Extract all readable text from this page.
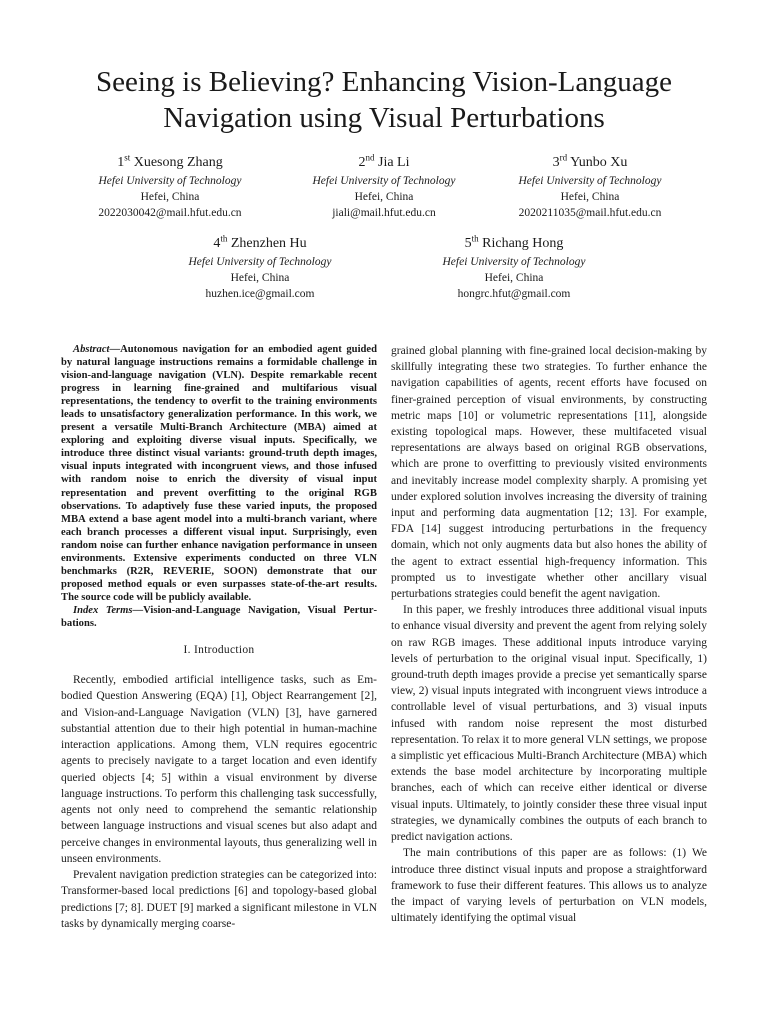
Seeing is Believing? Enhancing Vision-Language Navigation using Visual Perturbations
1st Xuesong Zhang
Hefei University of Technology
Hefei, China
2022030042@mail.hfut.edu.cn
2nd Jia Li
Hefei University of Technology
Hefei, China
jiali@mail.hfut.edu.cn
3rd Yunbo Xu
Hefei University of Technology
Hefei, China
2020211035@mail.hfut.edu.cn
4th Zhenzhen Hu
Hefei University of Technology
Hefei, China
huzhen.ice@gmail.com
5th Richang Hong
Hefei University of Technology
Hefei, China
hongrc.hfut@gmail.com

Abstract—Autonomous navigation for an embodied agent guided by natural language instructions remains a formidable challenge in vision-and-language navigation (VLN). Despite remarkable recent progress in learning fine-grained and multifarious visual representations, the tendency to overfit to the training environments leads to unsatisfactory generalization performance. In this work, we present a versatile Multi-Branch Architecture (MBA) aimed at exploring and exploiting diverse visual inputs. Specifically, we introduce three distinct visual variants: ground-truth depth images, visual inputs integrated with incongruent views, and those infused with random noise to enrich the diversity of visual input representation and prevent overfitting to the original RGB observations. To adaptively fuse these varied inputs, the proposed MBA extend a base agent model into a multi-branch variant, where each branch processes a different visual input. Surprisingly, even random noise can further enhance navigation performance in unseen environments. Extensive experiments conducted on three VLN benchmarks (R2R, REVERIE, SOON) demonstrate that our proposed method equals or even surpasses state-of-the-art results. The source code will be publicly available.

Index Terms—Vision-and-Language Navigation, Visual Perturbations.

I. Introduction

Recently, embodied artificial intelligence tasks, such as Embodied Question Answering (EQA) [1], Object Rearrangement [2], and Vision-and-Language Navigation (VLN) [3], have garnered substantial attention due to their high potential in human-machine interaction applications. Among them, VLN requires egocentric agents to precisely navigate to a target location and even identify queried objects [4; 5] within a visual environment by diverse language instructions. To perform this challenging task successfully, agents not only need to comprehend the semantic relationship between language instructions and visual scenes but also adapt and perceive changes in environmental layouts, thus generalizing well in unseen environments.

Prevalent navigation prediction strategies can be categorized into: Transformer-based local predictions [6] and topology-based global predictions [7; 8]. DUET [9] marked a significant milestone in VLN tasks by dynamically merging coarse-

grained global planning with fine-grained local decision-making by skillfully integrating these two strategies. To further enhance the navigation capabilities of agents, recent efforts have focused on finer-grained perception of visual environments, by constructing metric maps [10] or volumetric representations [11], alongside existing topological maps. However, these multifaceted visual representations are always based on original RGB observations, which are prone to overfitting to previously visited environments and inevitably increase model complexity sharply. A promising yet under explored solution involves increasing the diversity of training input and performing data augmentation [12; 13]. For example, FDA [14] suggest introducing perturbations in the frequency domain, which not only augments data but also hones the ability of the agent to extract essential high-frequency information. This prompted us to investigate whether other ancillary visual perturbations strategies could benefit the agent navigation.

In this paper, we freshly introduces three additional visual inputs to enhance visual diversity and prevent the agent from relying solely on raw RGB images. These additional inputs introduce varying levels of perturbation to the original visual input. Specifically, 1) ground-truth depth images provide a precise yet semantically sparse view, 2) visual inputs integrated with incongruent views introduce a controllable level of visual perturbations, and 3) visual inputs infused with random noise represent the most disturbed representation. To relax it to more general VLN settings, we propose a simplistic yet efficacious Multi-Branch Architecture (MBA) which extends the base model architecture by incorporating multiple branches, each of which can receive either identical or diverse visual inputs. Ultimately, to jointly consider these three visual input strategies, we dynamically combines the outputs of each branch to predict navigation actions.

The main contributions of this paper are as follows: (1) We introduce three distinct visual inputs and propose a straightforward framework to fuse their different features. This allows us to analyze the impact of varying levels of perturbation on VLN models, ultimately identifying the optimal visual
